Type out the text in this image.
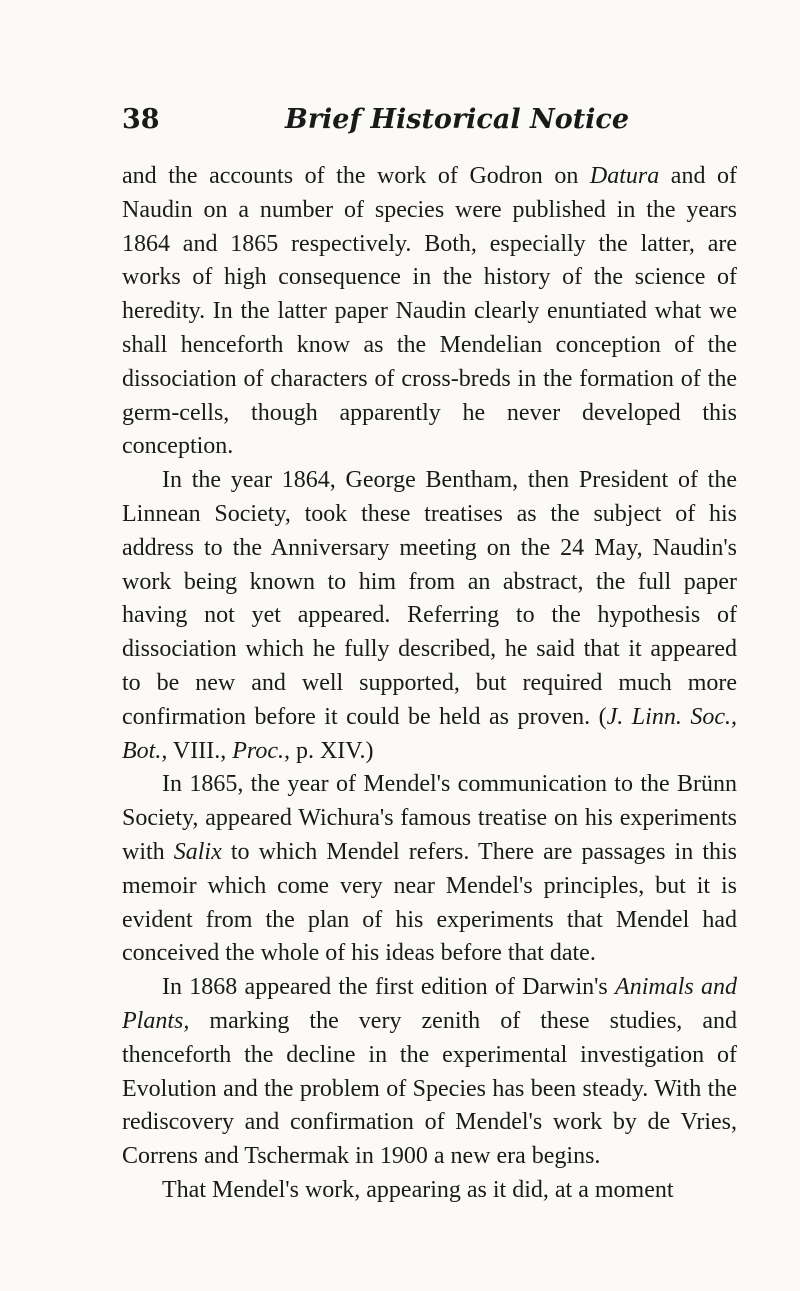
38	Brief Historical Notice

and the accounts of the work of Godron on Datura and of Naudin on a number of species were published in the years 1864 and 1865 respectively. Both, especially the latter, are works of high consequence in the history of the science of heredity. In the latter paper Naudin clearly enuntiated what we shall henceforth know as the Mendelian conception of the dissociation of characters of cross-breds in the formation of the germ-cells, though apparently he never developed this conception.

In the year 1864, George Bentham, then President of the Linnean Society, took these treatises as the subject of his address to the Anniversary meeting on the 24 May, Naudin's work being known to him from an abstract, the full paper having not yet appeared. Referring to the hypothesis of dissociation which he fully described, he said that it appeared to be new and well supported, but required much more confirmation before it could be held as proven. (J. Linn. Soc., Bot., VIII., Proc., p. XIV.)

In 1865, the year of Mendel's communication to the Brünn Society, appeared Wichura's famous treatise on his experiments with Salix to which Mendel refers. There are passages in this memoir which come very near Mendel's principles, but it is evident from the plan of his experiments that Mendel had conceived the whole of his ideas before that date.

In 1868 appeared the first edition of Darwin's Animals and Plants, marking the very zenith of these studies, and thenceforth the decline in the experimental investigation of Evolution and the problem of Species has been steady. With the rediscovery and confirmation of Mendel's work by de Vries, Correns and Tschermak in 1900 a new era begins.

That Mendel's work, appearing as it did, at a moment
